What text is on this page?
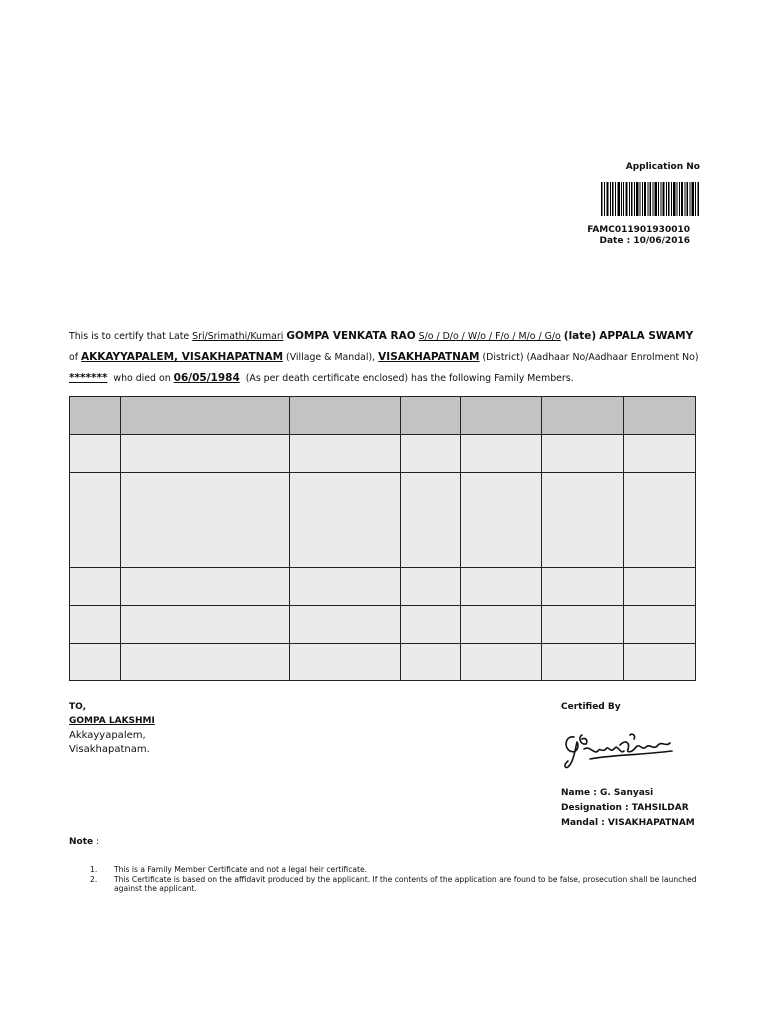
Application No
FAMC011901930010
Date : 10/06/2016
This is to certify that Late Sri/Srimathi/Kumari GOMPA VENKATA RAO S/o / D/o / W/o / F/o / M/o / G/o (late) APPALA SWAMY of AKKAYYAPALEM, VISAKHAPATNAM (Village & Mandal), VISAKHAPATNAM (District) (Aadhaar No/Aadhaar Enrolment No) ******* who died on 06/05/1984 (As per death certificate enclosed) has the following Family Members.

TO,
GOMPA LAKSHMI
Akkayyapalem,
Visakhapatnam.
Certified By
Name : G. Sanyasi
Designation : TAHSILDAR
Mandal : VISAKHAPATNAM
Note :
1. This is a Family Member Certificate and not a legal heir certificate.
2. This Certificate is based on the affidavit produced by the applicant. If the contents of the application are found to be false, prosecution shall be launched against the applicant.
